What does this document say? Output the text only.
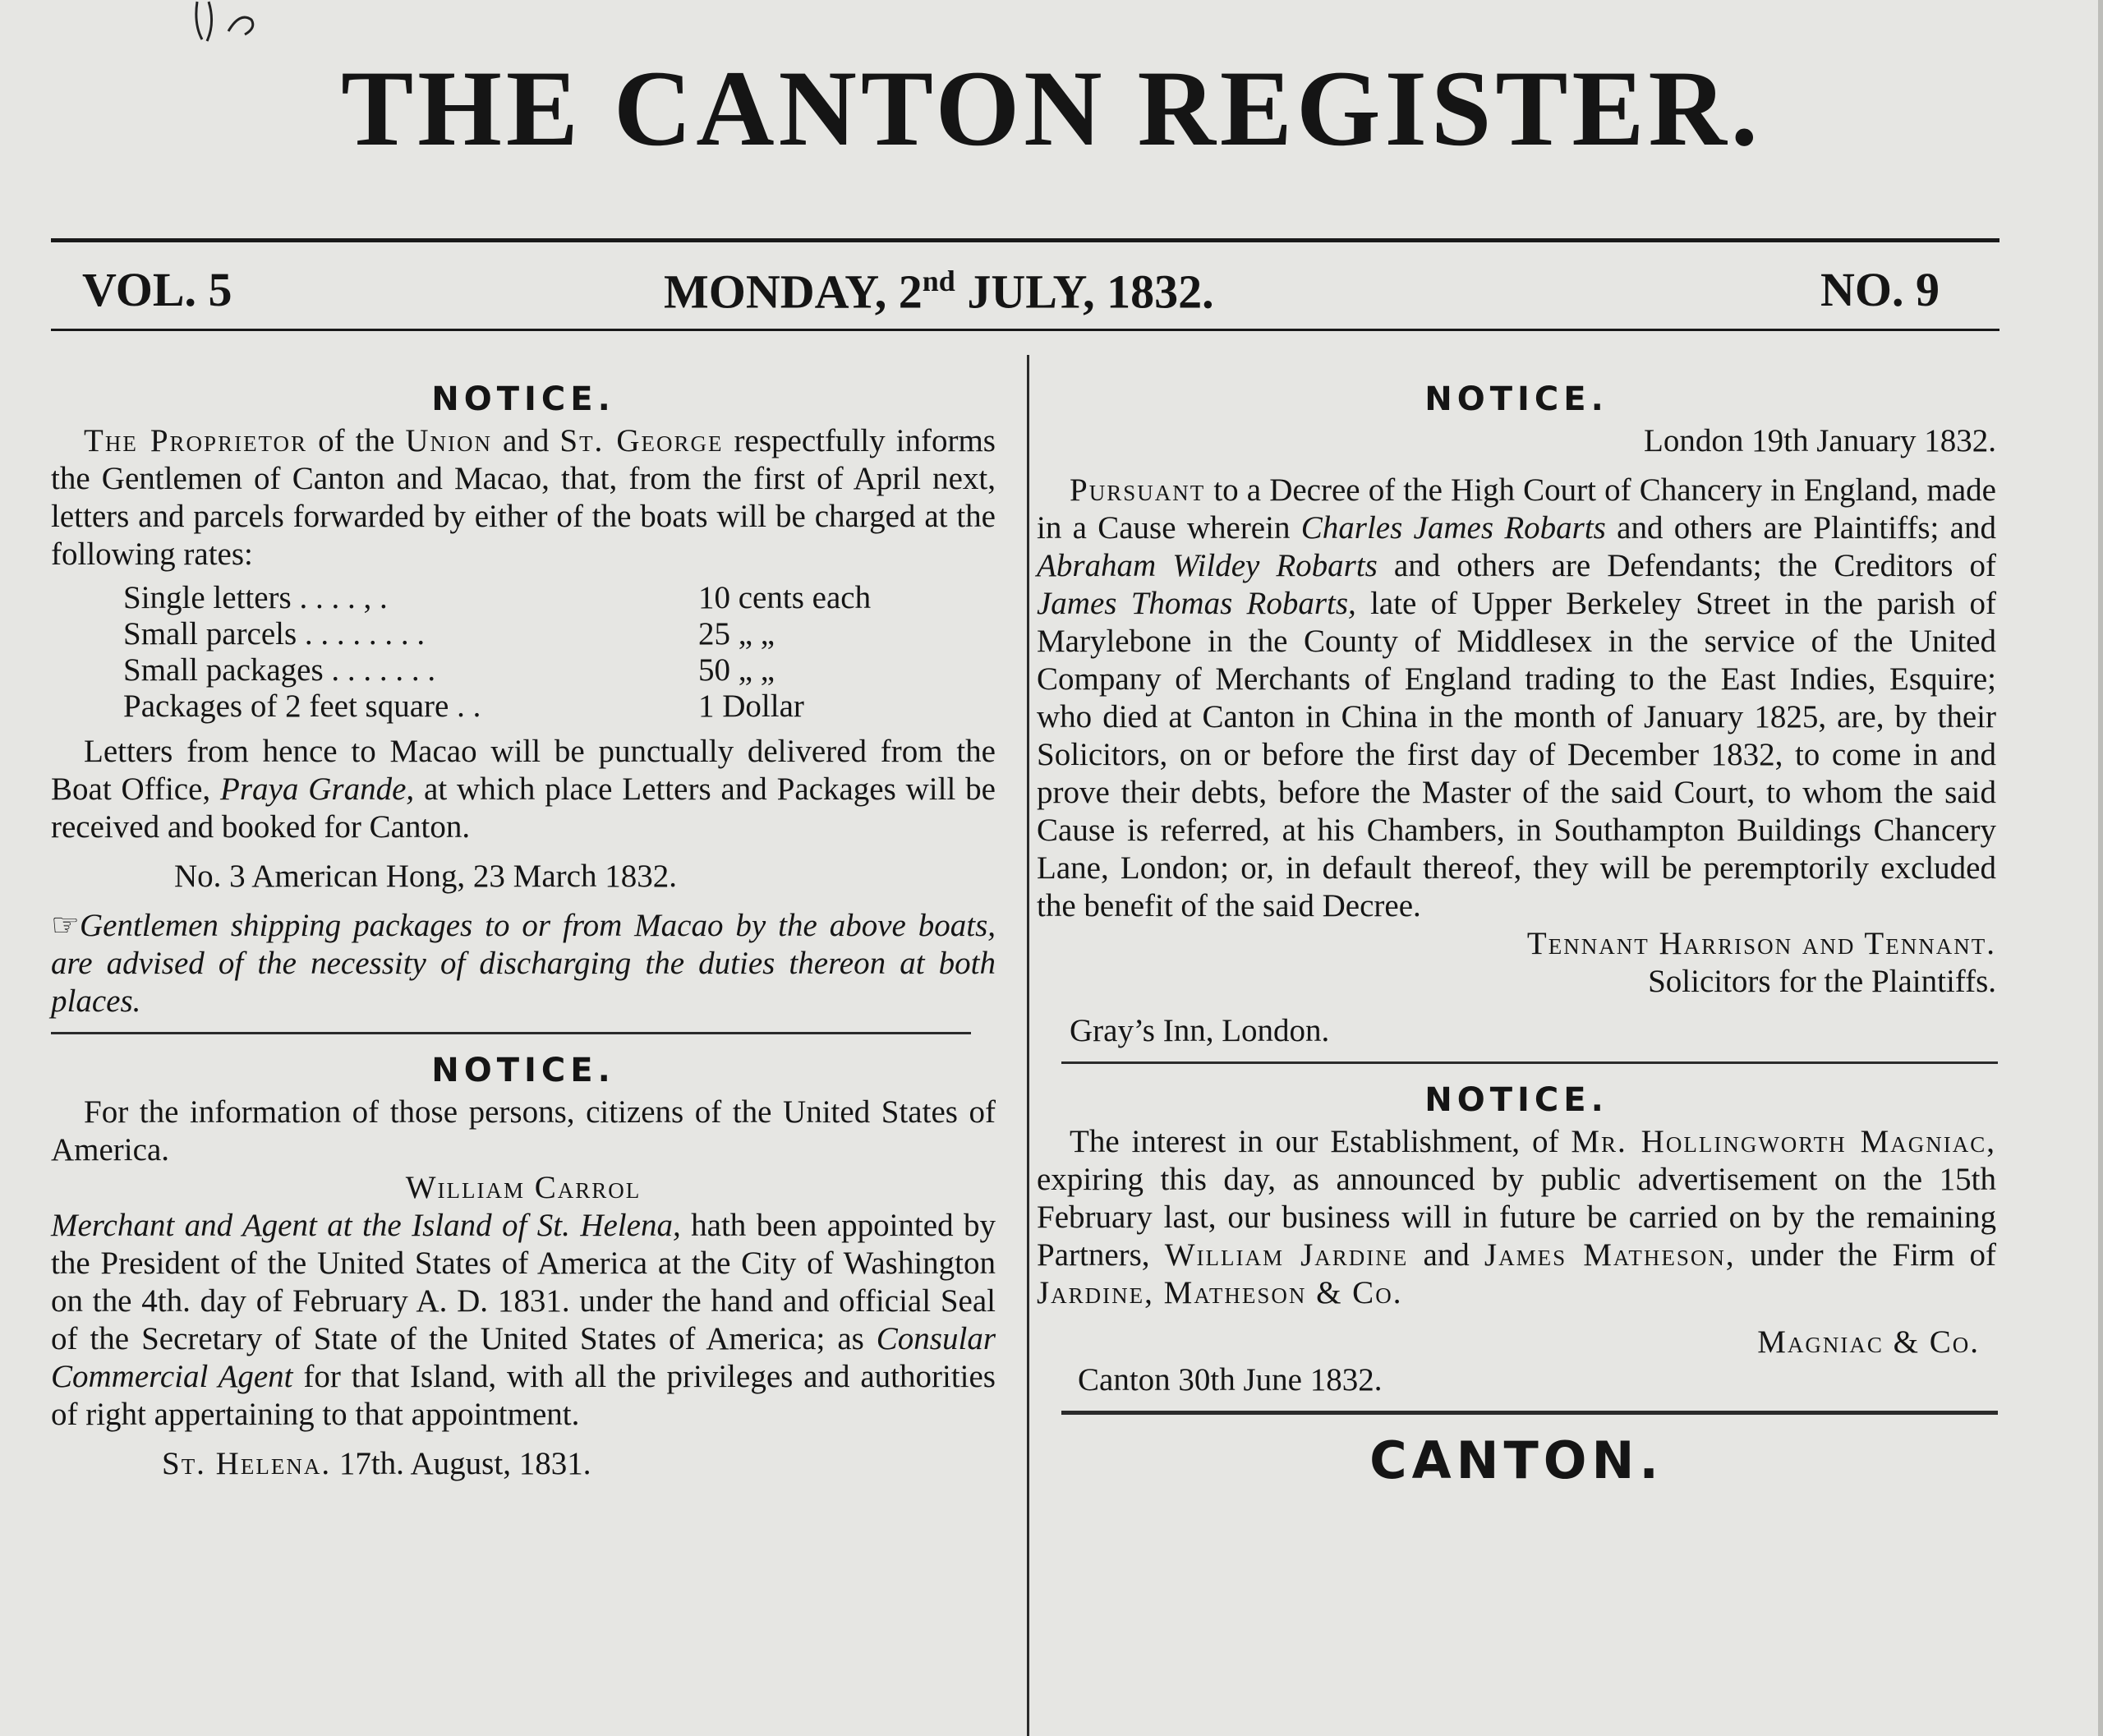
THE CANTON REGISTER.
VOL. 5	MONDAY, 2nd JULY, 1832.	NO. 9
NOTICE.

The Proprietor of the Union and St. George respectfully informs the Gentlemen of Canton and Macao, that, from the first of April next, letters and parcels forwarded by either of the boats will be charged at the following rates:

Single letters . . . . , .	10 cents each
Small parcels . . . . . . . .	25 „ „
Small packages . . . . . . .	50 „ „
Packages of 2 feet square . .	1 Dollar

Letters from hence to Macao will be punctually delivered from the Boat Office, Praya Grande, at which place Letters and Packages will be received and booked for Canton.

No. 3 American Hong, 23 March 1832.

☞Gentlemen shipping packages to or from Macao by the above boats, are advised of the necessity of discharging the duties thereon at both places.

NOTICE.

For the information of those persons, citizens of the United States of America.

William Carrol

Merchant and Agent at the Island of St. Helena, hath been appointed by the President of the United States of America at the City of Washington on the 4th. day of February A. D. 1831. under the hand and official Seal of the Secretary of State of the United States of America; as Consular Commercial Agent for that Island, with all the privileges and authorities of right appertaining to that appointment.

St. Helena. 17th. August, 1831.

NOTICE.

London 19th January 1832.

Pursuant to a Decree of the High Court of Chancery in England, made in a Cause wherein Charles James Robarts and others are Plaintiffs; and Abraham Wildey Robarts and others are Defendants; the Creditors of James Thomas Robarts, late of Upper Berkeley Street in the parish of Marylebone in the County of Middlesex in the service of the United Company of Merchants of England trading to the East Indies, Esquire; who died at Canton in China in the month of January 1825, are, by their Solicitors, on or before the first day of December 1832, to come in and prove their debts, before the Master of the said Court, to whom the said Cause is referred, at his Chambers, in Southampton Buildings Chancery Lane, London; or, in default thereof, they will be peremptorily excluded the benefit of the said Decree.

Tennant Harrison and Tennant.

Solicitors for the Plaintiffs.

Gray’s Inn, London.

NOTICE.

The interest in our Establishment, of Mr. Hollingworth Magniac, expiring this day, as announced by public advertisement on the 15th February last, our business will in future be carried on by the remaining Partners, William Jardine and James Matheson, under the Firm of Jardine, Matheson & Co.

Magniac & Co.

Canton 30th June 1832.

CANTON.
